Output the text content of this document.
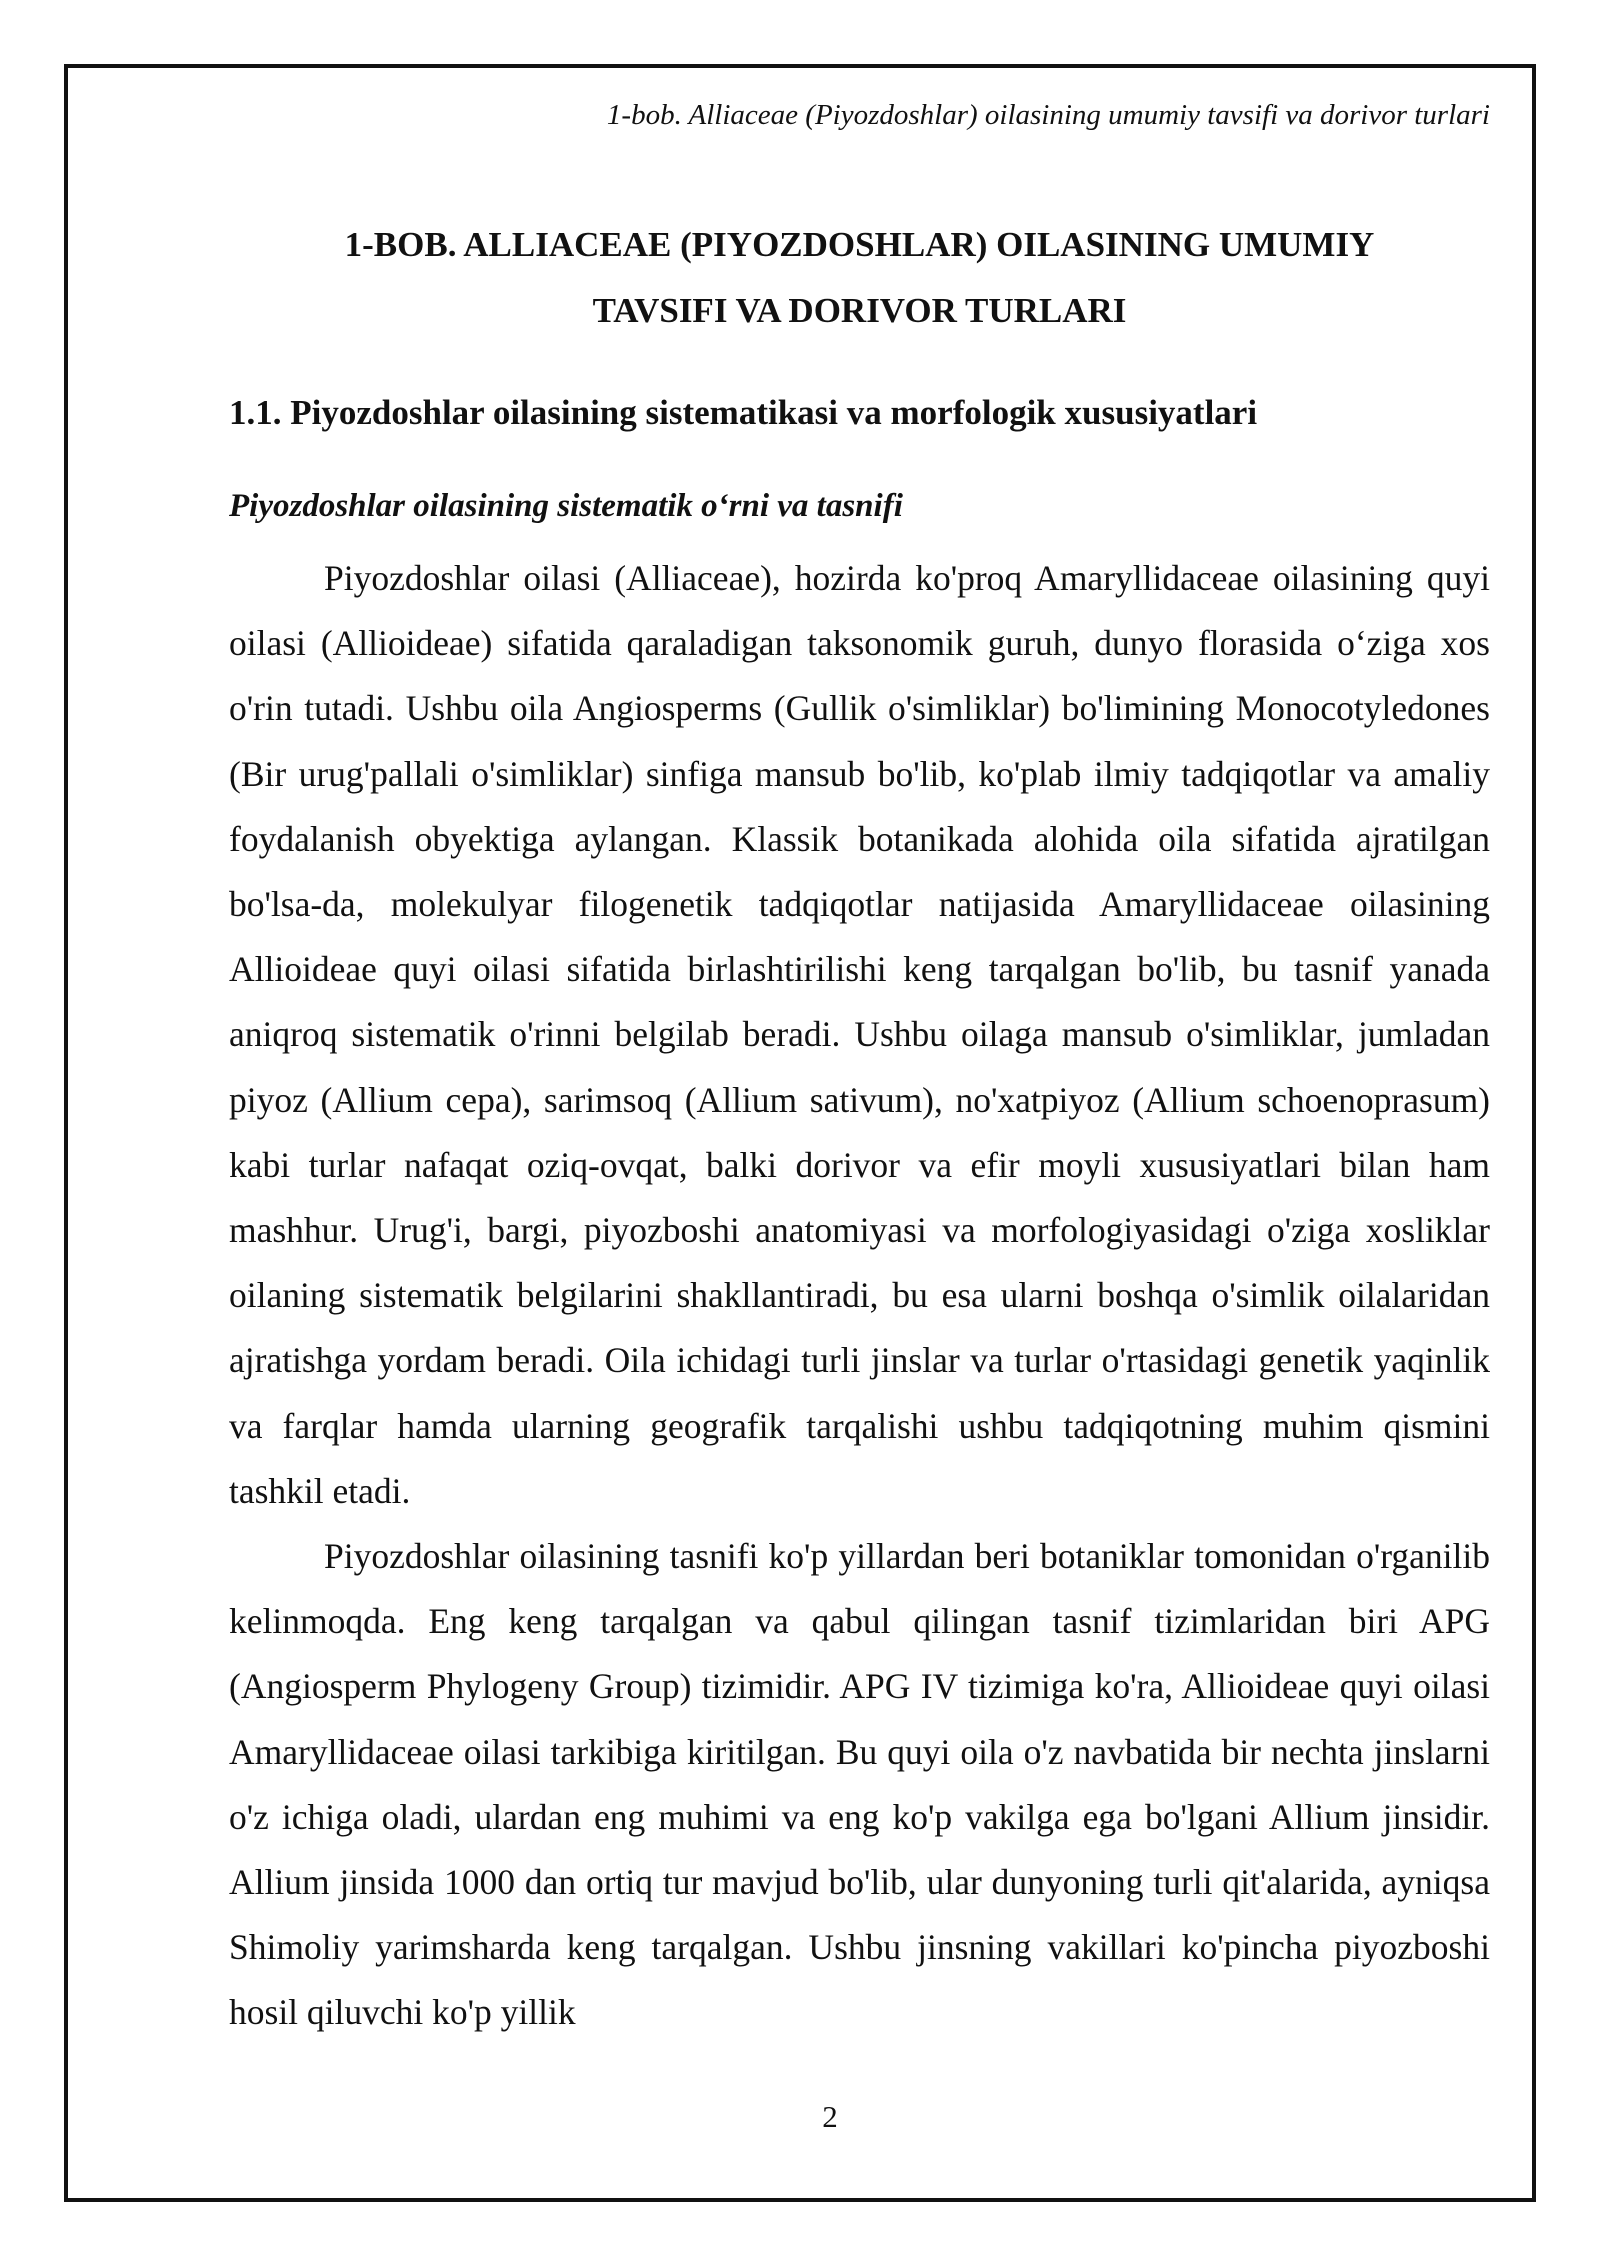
1-bob. Alliaceae (Piyozdoshlar) oilasining umumiy tavsifi va dorivor turlari
1-BOB. ALLIACEAE (PIYOZDOSHLAR) OILASINING UMUMIY
TAVSIFI VA DORIVOR TURLARI
1.1. Piyozdoshlar oilasining sistematikasi va morfologik xususiyatlari
Piyozdoshlar oilasining sistematik o‘rni va tasnifi

Piyozdoshlar oilasi (Alliaceae), hozirda ko'proq Amaryllidaceae oilasining quyi oilasi (Allioideae) sifatida qaraladigan taksonomik guruh, dunyo florasida o‘ziga xos o'rin tutadi. Ushbu oila Angiosperms (Gullik o'simliklar) bo'limining Monocotyledones (Bir urug'pallali o'simliklar) sinfiga mansub bo'lib, ko'plab ilmiy tadqiqotlar va amaliy foydalanish obyektiga aylangan. Klassik botanikada alohida oila sifatida ajratilgan bo'lsa-da, molekulyar filogenetik tadqiqotlar natijasida Amaryllidaceae oilasining Allioideae quyi oilasi sifatida birlashtirilishi keng tarqalgan bo'lib, bu tasnif yanada aniqroq sistematik o'rinni belgilab beradi. Ushbu oilaga mansub o'simliklar, jumladan piyoz (Allium cepa), sarimsoq (Allium sativum), no'xatpiyoz (Allium schoenoprasum) kabi turlar nafaqat oziq-ovqat, balki dorivor va efir moyli xususiyatlari bilan ham mashhur. Urug'i, bargi, piyozboshi anatomiyasi va morfologiyasidagi o'ziga xosliklar oilaning sistematik belgilarini shakllantiradi, bu esa ularni boshqa o'simlik oilalaridan ajratishga yordam beradi. Oila ichidagi turli jinslar va turlar o'rtasidagi genetik yaqinlik va farqlar hamda ularning geografik tarqalishi ushbu tadqiqotning muhim qismini tashkil etadi.

Piyozdoshlar oilasining tasnifi ko'p yillardan beri botaniklar tomonidan o'rganilib kelinmoqda. Eng keng tarqalgan va qabul qilingan tasnif tizimlaridan biri APG (Angiosperm Phylogeny Group) tizimidir. APG IV tizimiga ko'ra, Allioideae quyi oilasi Amaryllidaceae oilasi tarkibiga kiritilgan. Bu quyi oila o'z navbatida bir nechta jinslarni o'z ichiga oladi, ulardan eng muhimi va eng ko'p vakilga ega bo'lgani Allium jinsidir. Allium jinsida 1000 dan ortiq tur mavjud bo'lib, ular dunyoning turli qit'alarida, ayniqsa Shimoliy yarimsharda keng tarqalgan. Ushbu jinsning vakillari ko'pincha piyozboshi hosil qiluvchi ko'p yillik

2
